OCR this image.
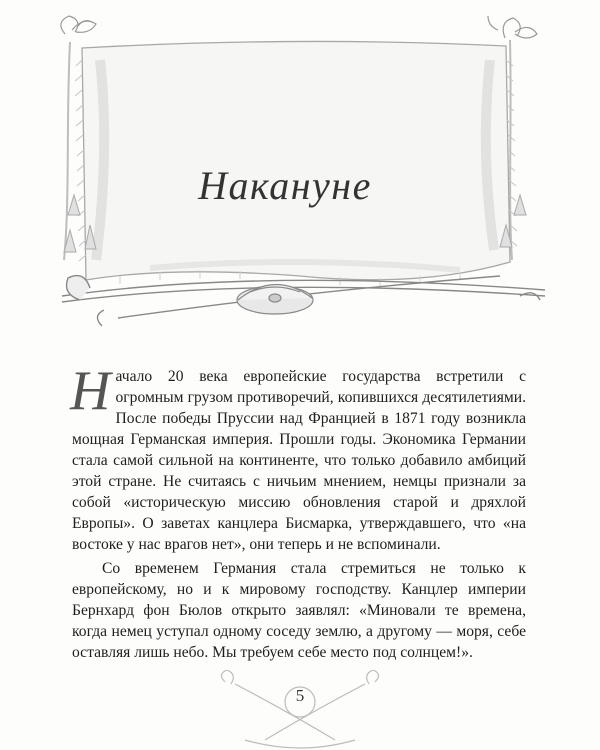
Накануне

Начало 20 века европейские государства встретили с огромным грузом противоречий, копившихся десятилетиями. После победы Пруссии над Францией в 1871 году возникла мощная Германская империя. Прошли годы. Экономика Германии стала самой сильной на континенте, что только добавило амбиций этой стране. Не считаясь с ничьим мнением, немцы признали за собой «историческую миссию обновления старой и дряхлой Европы». О заветах канцлера Бисмарка, утверждавшего, что «на востоке у нас врагов нет», они теперь и не вспоминали.

Со временем Германия стала стремиться не только к европейскому, но и к мировому господству. Канцлер империи Бернхард фон Бюлов открыто заявлял: «Миновали те времена, когда немец уступал одному соседу землю, а другому — моря, себе оставляя лишь небо. Мы требуем себе место под солнцем!».

5
